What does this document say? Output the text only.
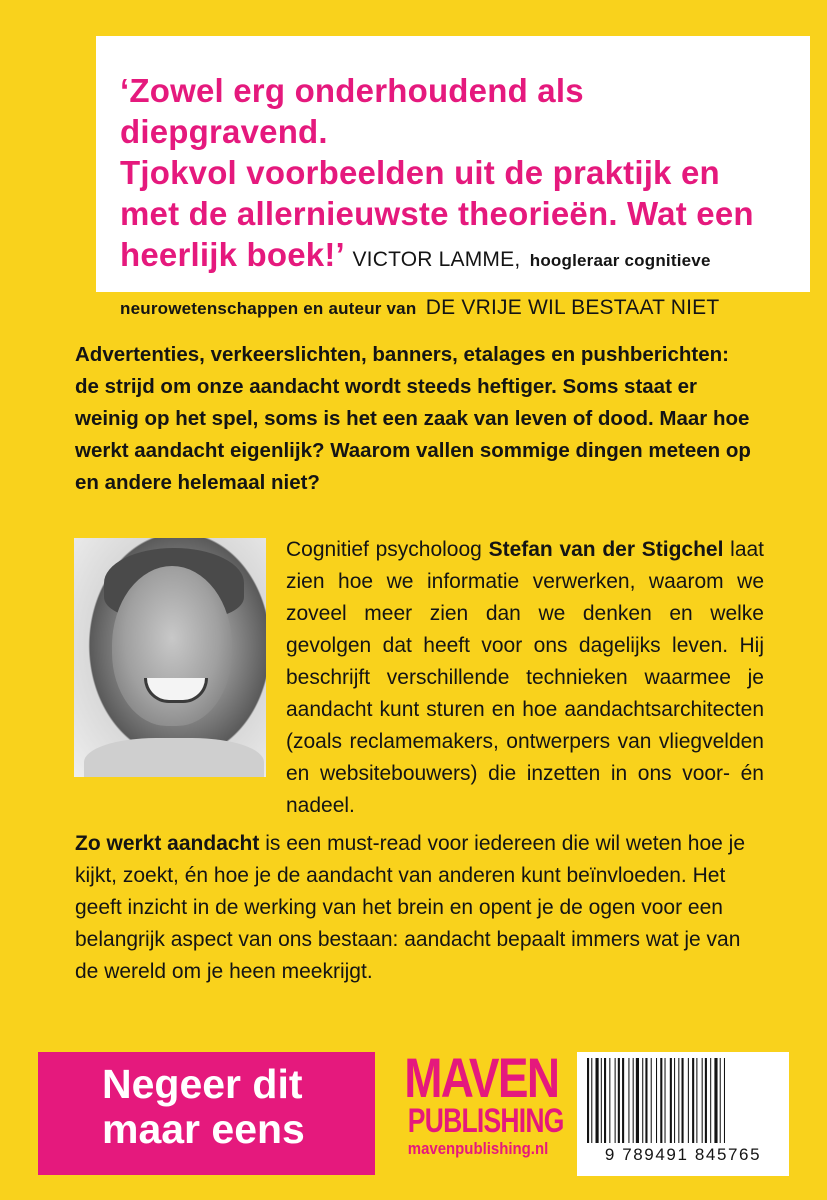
‘Zowel erg onderhoudend als diepgravend.
Tjokvol voorbeelden uit de praktijk en
met de allernieuwste theorieën. Wat een
heerlijk boek!’ VICTOR LAMME, hoogleraar cognitieve
neurowetenschappen en auteur van DE VRIJE WIL BESTAAT NIET
Advertenties, verkeerslichten, banners, etalages en pushberichten: de strijd om onze aandacht wordt steeds heftiger. Soms staat er weinig op het spel, soms is het een zaak van leven of dood. Maar hoe werkt aandacht eigenlijk? Waarom vallen sommige dingen meteen op en andere helemaal niet?
Cognitief psycholoog Stefan van der Stigchel laat zien hoe we informatie verwerken, waarom we zoveel meer zien dan we denken en welke gevolgen dat heeft voor ons dagelijks leven. Hij beschrijft verschillende technieken waarmee je aandacht kunt sturen en hoe aandachtsarchitecten (zoals reclamemakers, ontwerpers van vliegvelden en websitebouwers) die inzetten in ons voor- én nadeel.
Zo werkt aandacht is een must-read voor iedereen die wil weten hoe je kijkt, zoekt, én hoe je de aandacht van anderen kunt beïnvloeden. Het geeft inzicht in de werking van het brein en opent je de ogen voor een belangrijk aspect van ons bestaan: aandacht bepaalt immers wat je van de wereld om je heen meekrijgt.
Negeer dit
maar eens
MAVEN
PUBLISHING
mavenpublishing.nl	9 789491 845765
